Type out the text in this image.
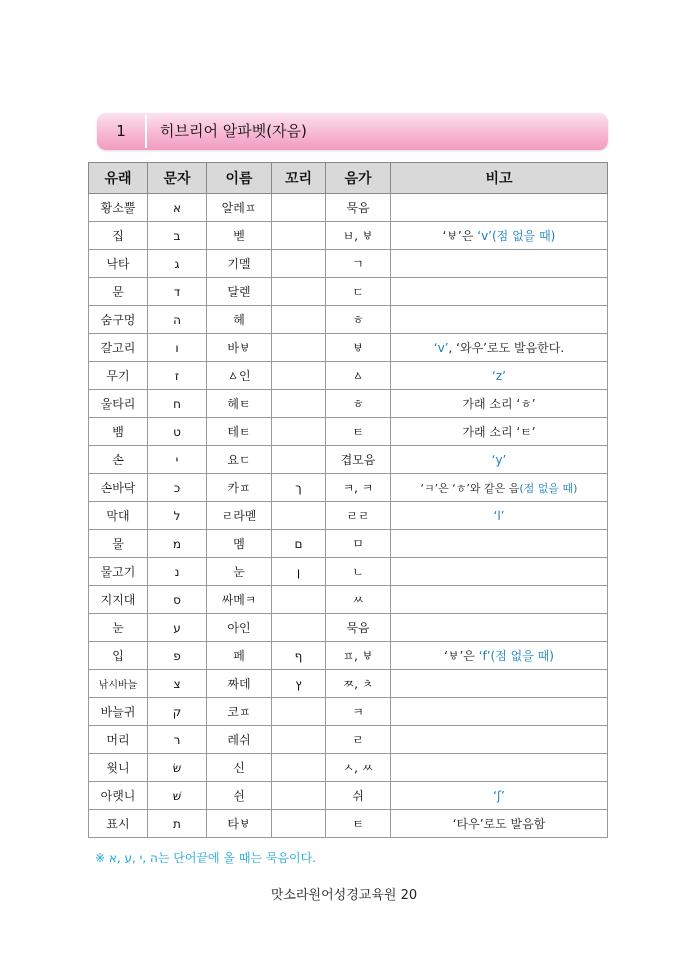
1	히브리어 알파벳(자음)
유래	문자	이름	꼬리	음가	비고
황소뿔	א	알레ㅍ		묵음	
집	ב	벧		ㅂ, ㅸ	‘ㅸ’은 ‘v’(점 없을 때)
낙타	ג	기멜		ㄱ	
문	ד	달렏		ㄷ	
숨구멍	ה	헤		ㅎ	
갈고리	ו	바ㅸ		ㅸ	‘v’, ‘와우’로도 발음한다.
무기	ז	ㅿ인		ㅿ	‘z’
울타리	ח	헤ㅌ		ㅎ	가래 소리 ‘ㅎ’
뱀	ט	테ㅌ		ㅌ	가래 소리 ‘ㅌ’
손	י	요ㄷ		겹모음	‘y’
손바닥	כ	카ㅍ	ך	ㅋ, ㅋ	‘ㅋ’은 ‘ㅎ’와 같은 음(점 없을 때)
막대	ל	ㄹ라멛		ㄹㄹ	‘l’
물	מ	멤	ם	ㅁ	
물고기	נ	눈	ן	ㄴ	
지지대	ס	싸메ㅋ		ㅆ	
눈	ע	아인		묵음	
입	פ	페	ף	ㅍ, ㅸ	‘ㅸ’은 ‘f’(점 없을 때)
낚시바늘	צ	짜데	ץ	ㅉ, ㅊ	
바늘귀	ק	코ㅍ		ㅋ	
머리	ר	레쉬		ㄹ	
윗니	שׂ	신		ㅅ, ㅆ	
아랫니	שׁ	쉰		쉬	‘ʃ’
표시	ת	타ㅸ		ㅌ	‘타우’로도 발음함
※ ה ,י ,ע ,א는 단어끝에 올 때는 묵음이다.
맛소라원어성경교육원 20
